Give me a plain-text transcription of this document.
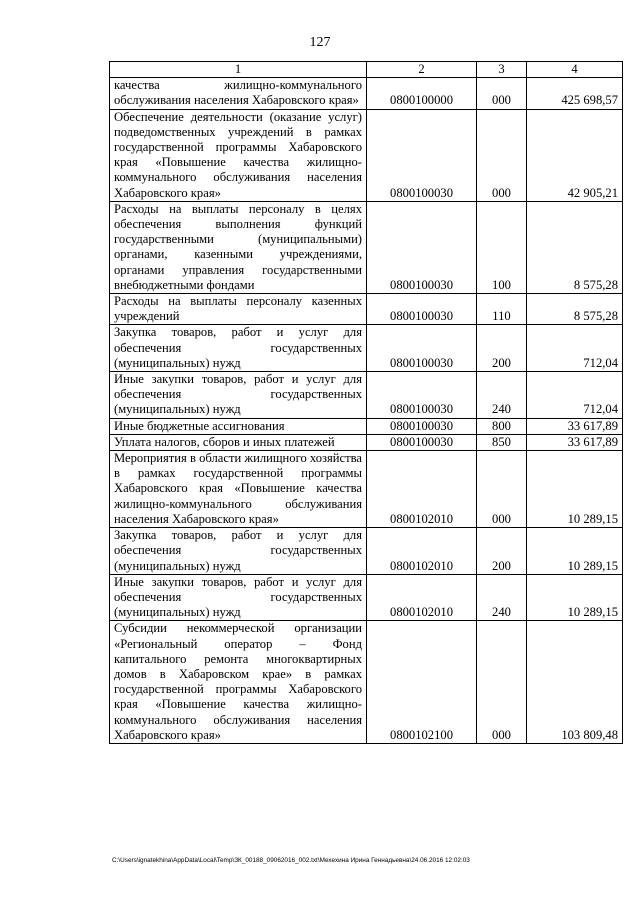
127
1	2	3	4
качества жилищно-коммунального обслуживания населения Хабаровского края»	0800100000	000	425 698,57
Обеспечение деятельности (оказание услуг) подведомственных учреждений в рамках государственной программы Хабаровского края «Повышение качества жилищно-коммунального обслуживания населения Хабаровского края»	0800100030	000	42 905,21
Расходы на выплаты персоналу в целях обеспечения выполнения функций государственными (муниципальными) органами, казенными учреждениями, органами управления государственными внебюджетными фондами	0800100030	100	8 575,28
Расходы на выплаты персоналу казенных учреждений	0800100030	110	8 575,28
Закупка товаров, работ и услуг для обеспечения государственных (муниципальных) нужд	0800100030	200	712,04
Иные закупки товаров, работ и услуг для обеспечения государственных (муниципальных) нужд	0800100030	240	712,04
Иные бюджетные ассигнования	0800100030	800	33 617,89
Уплата налогов, сборов и иных платежей	0800100030	850	33 617,89
Мероприятия в области жилищного хозяйства в рамках государственной программы Хабаровского края «Повышение качества жилищно-коммунального обслуживания населения Хабаровского края»	0800102010	000	10 289,15
Закупка товаров, работ и услуг для обеспечения государственных (муниципальных) нужд	0800102010	200	10 289,15
Иные закупки товаров, работ и услуг для обеспечения государственных (муниципальных) нужд	0800102010	240	10 289,15
Субсидии некоммерческой организации «Региональный оператор – Фонд капитального ремонта многоквартирных домов в Хабаровском крае» в рамках государственной программы Хабаровского края «Повышение качества жилищно-коммунального обслуживания населения Хабаровского края»	0800102100	000	103 809,48
C:\Users\ignatekhina\AppData\Local\Temp\ЗК_00188_09062016_002.txt\Мехехина Ирина Геннадьевна\24.06.2016 12:02:03
